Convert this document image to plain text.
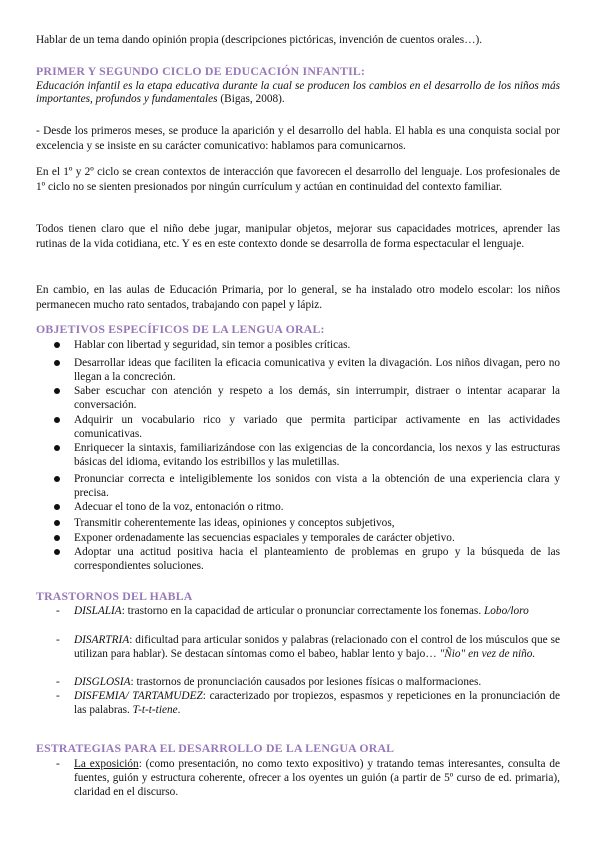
Hablar de un tema dando opinión propia (descripciones pictóricas, invención de cuentos orales…).

PRIMER Y SEGUNDO CICLO DE EDUCACIÓN INFANTIL:

Educación infantil es la etapa educativa durante la cual se producen los cambios en el desarrollo de los niños más importantes, profundos y fundamentales (Bigas, 2008).

- Desde los primeros meses, se produce la aparición y el desarrollo del habla. El habla es una conquista social por excelencia y se insiste en su carácter comunicativo: hablamos para comunicarnos.

En el 1º y 2º ciclo se crean contextos de interacción que favorecen el desarrollo del lenguaje. Los profesionales de 1º ciclo no se sienten presionados por ningún currículum y actúan en continuidad del contexto familiar.

Todos tienen claro que el niño debe jugar, manipular objetos, mejorar sus capacidades motrices, aprender las rutinas de la vida cotidiana, etc. Y es en este contexto donde se desarrolla de forma espectacular el lenguaje.

En cambio, en las aulas de Educación Primaria, por lo general, se ha instalado otro modelo escolar: los niños permanecen mucho rato sentados, trabajando con papel y lápiz.

OBJETIVOS ESPECÍFICOS DE LA LENGUA ORAL:
Hablar con libertad y seguridad, sin temor a posibles críticas.
Desarrollar ideas que faciliten la eficacia comunicativa y eviten la divagación. Los niños divagan, pero no llegan a la concreción.
Saber escuchar con atención y respeto a los demás, sin interrumpir, distraer o intentar acaparar la conversación.
Adquirir un vocabulario rico y variado que permita participar activamente en las actividades comunicativas.
Enriquecer la sintaxis, familiarizándose con las exigencias de la concordancia, los nexos y las estructuras básicas del idioma, evitando los estribillos y las muletillas.
Pronunciar correcta e inteligiblemente los sonidos con vista a la obtención de una experiencia clara y precisa.
Adecuar el tono de la voz, entonación o ritmo.
Transmitir coherentemente las ideas, opiniones y conceptos subjetivos,
Exponer ordenadamente las secuencias espaciales y temporales de carácter objetivo.
Adoptar una actitud positiva hacia el planteamiento de problemas en grupo y la búsqueda de las correspondientes soluciones.
TRASTORNOS DEL HABLA
- DISLALIA: trastorno en la capacidad de articular o pronunciar correctamente los fonemas. Lobo/loro
- DISARTRIA: dificultad para articular sonidos y palabras (relacionado con el control de los músculos que se utilizan para hablar). Se destacan síntomas como el babeo, hablar lento y bajo… "Ñio" en vez de niño.
- DISGLOSIA: trastornos de pronunciación causados por lesiones físicas o malformaciones.
- DISFEMIA/ TARTAMUDEZ: caracterizado por tropiezos, espasmos y repeticiones en la pronunciación de las palabras. T-t-t-tiene.
ESTRATEGIAS PARA EL DESARROLLO DE LA LENGUA ORAL
- La exposición: (como presentación, no como texto expositivo) y tratando temas interesantes, consulta de fuentes, guión y estructura coherente, ofrecer a los oyentes un guión (a partir de 5º curso de ed. primaria), claridad en el discurso.
